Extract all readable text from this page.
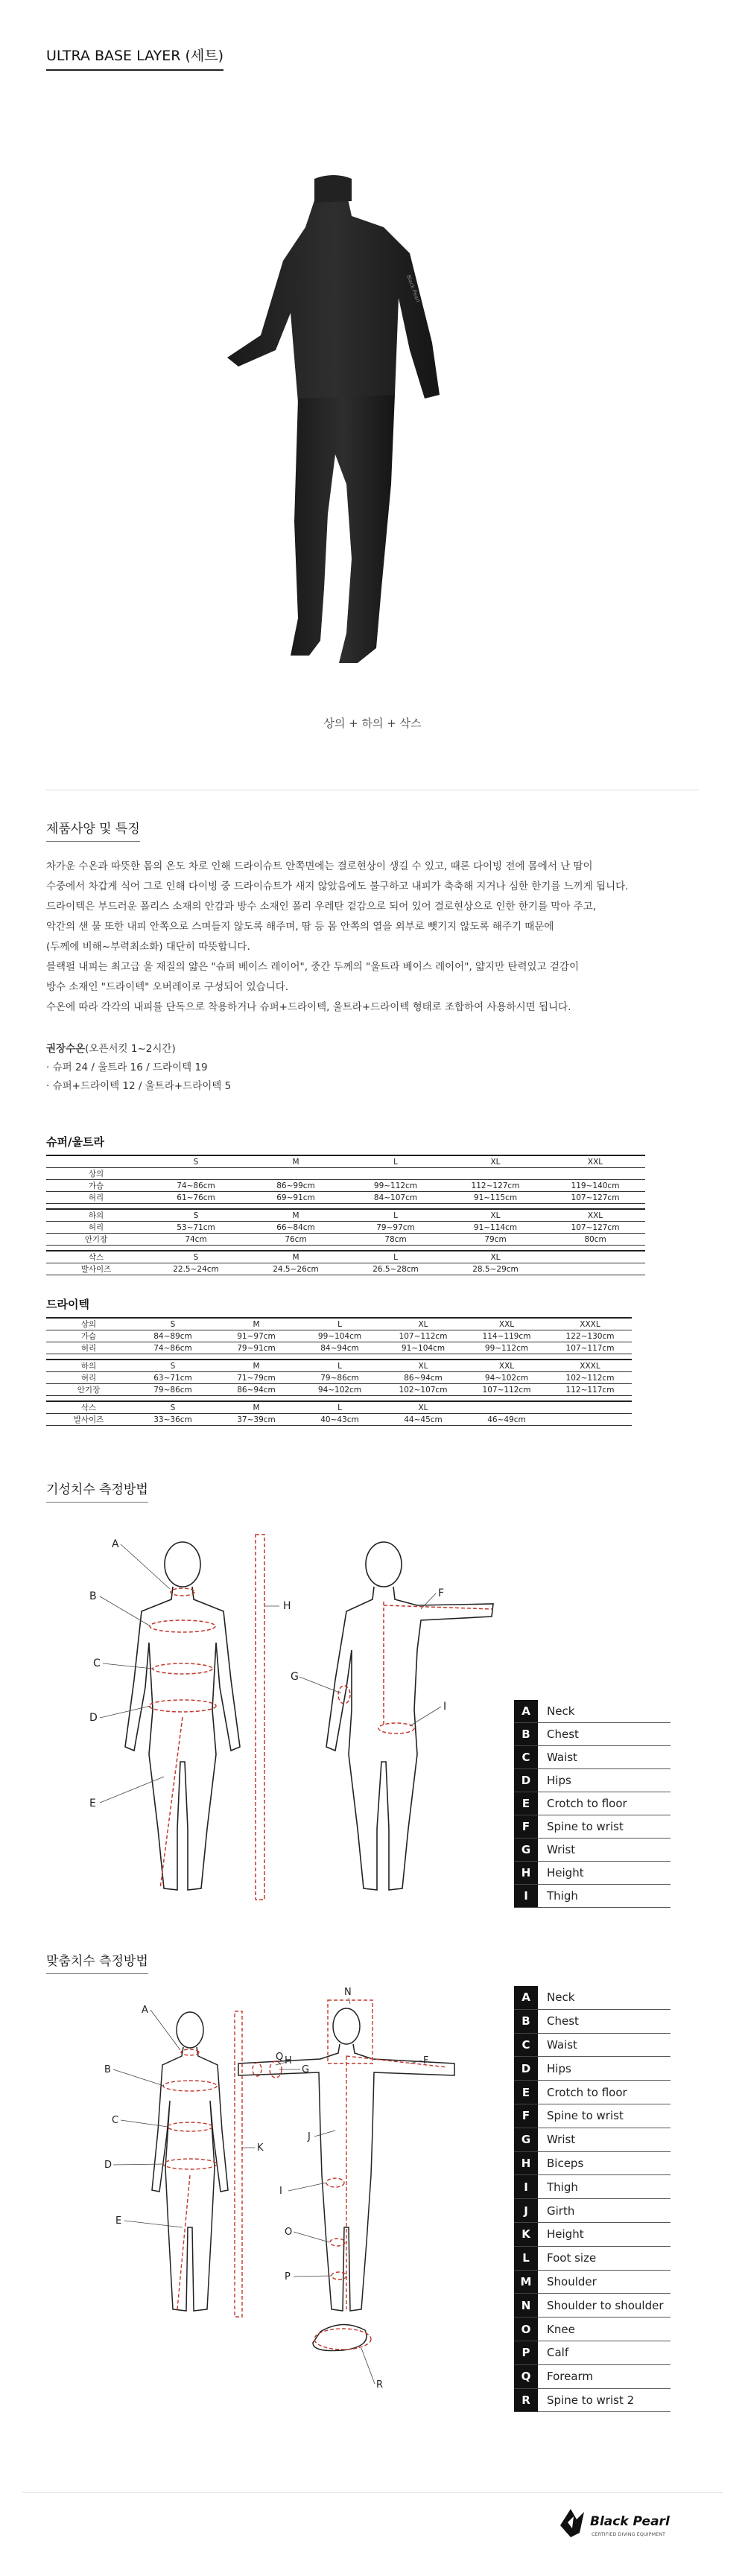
ULTRA BASE LAYER (세트)
Black Pearl
상의 + 하의 + 삭스
제품사양 및 특징

차가운 수온과 따뜻한 몸의 온도 차로 인해 드라이슈트 안쪽면에는 결로현상이 생길 수 있고, 때론 다이빙 전에 몸에서 난 땀이

수중에서 차갑게 식어 그로 인해 다이빙 중 드라이슈트가 새지 않았음에도 불구하고 내피가 축축해 지거나 심한 한기를 느끼게 됩니다.

드라이텍은 부드러운 폴리스 소재의 안감과 방수 소재인 폴리 우레탄 겉감으로 되어 있어 결로현상으로 인한 한기를 막아 주고,

악간의 샌 물 또한 내피 안쪽으로 스며들지 않도록 해주며, 땀 등 몸 안쪽의 열을 외부로 뺏기지 않도록 해주기 때문에

(두께에 비해~부력최소화) 대단히 따뜻합니다.

블랙펄 내피는 최고급 울 재질의 얇은 "슈퍼 베이스 레이어", 중간 두께의 "울트라 베이스 레이어", 얇지만 탄력있고 겉감이

방수 소재인 "드라이텍" 오버레이로 구성되어 있습니다.

수온에 따라 각각의 내피를 단독으로 착용하거나 슈퍼+드라이텍, 울트라+드라이텍 형태로 조합하여 사용하시면 됩니다.

권장수온(오픈서킷 1~2시간)
· 슈퍼 24 / 울트라 16 / 드라이텍 19
· 슈퍼+드라이텍 12 / 울트라+드라이텍 5
슈퍼/울트라
	S	M	L	XL	XXL
상의					
가슴	74~86cm	86~99cm	99~112cm	112~127cm	119~140cm
허리	61~76cm	69~91cm	84~107cm	91~115cm	107~127cm

하의	S	M	L	XL	XXL
허리	53~71cm	66~84cm	79~97cm	91~114cm	107~127cm
안기장	74cm	76cm	78cm	79cm	80cm

삭스	S	M	L	XL	
발사이즈	22.5~24cm	24.5~26cm	26.5~28cm	28.5~29cm	
드라이텍
상의	S	M	L	XL	XXL	XXXL
가슴	84~89cm	91~97cm	99~104cm	107~112cm	114~119cm	122~130cm
허리	74~86cm	79~91cm	84~94cm	91~104cm	99~112cm	107~117cm

하의	S	M	L	XL	XXL	XXXL
허리	63~71cm	71~79cm	79~86cm	86~94cm	94~102cm	102~112cm
안기장	79~86cm	86~94cm	94~102cm	102~107cm	107~112cm	112~117cm

삭스	S	M	L	XL		
발사이즈	33~36cm	37~39cm	40~43cm	44~45cm	46~49cm	
기성치수 측정방법
A
B
C
D
E
F
G
H
I	A	Neck
B	Chest
C	Waist
D	Hips
E	Crotch to floor
F	Spine to wrist
G	Wrist
H	Height
I	Thigh
맞춤치수 측정방법
A
B
C
D
E
G
H
Q	F
J
I
O
P
K
N
R
A	Neck
B	Chest
C	Waist
D	Hips
E	Crotch to floor
F	Spine to wrist
G	Wrist
H	Biceps
I	Thigh
J	Girth
K	Height
L	Foot size
M	Shoulder
N	Shoulder to shoulder
O	Knee
P	Calf
Q	Forearm
R	Spine to wrist 2
Black Pearl
CERTIFIED DIVING EQUIPMENT
